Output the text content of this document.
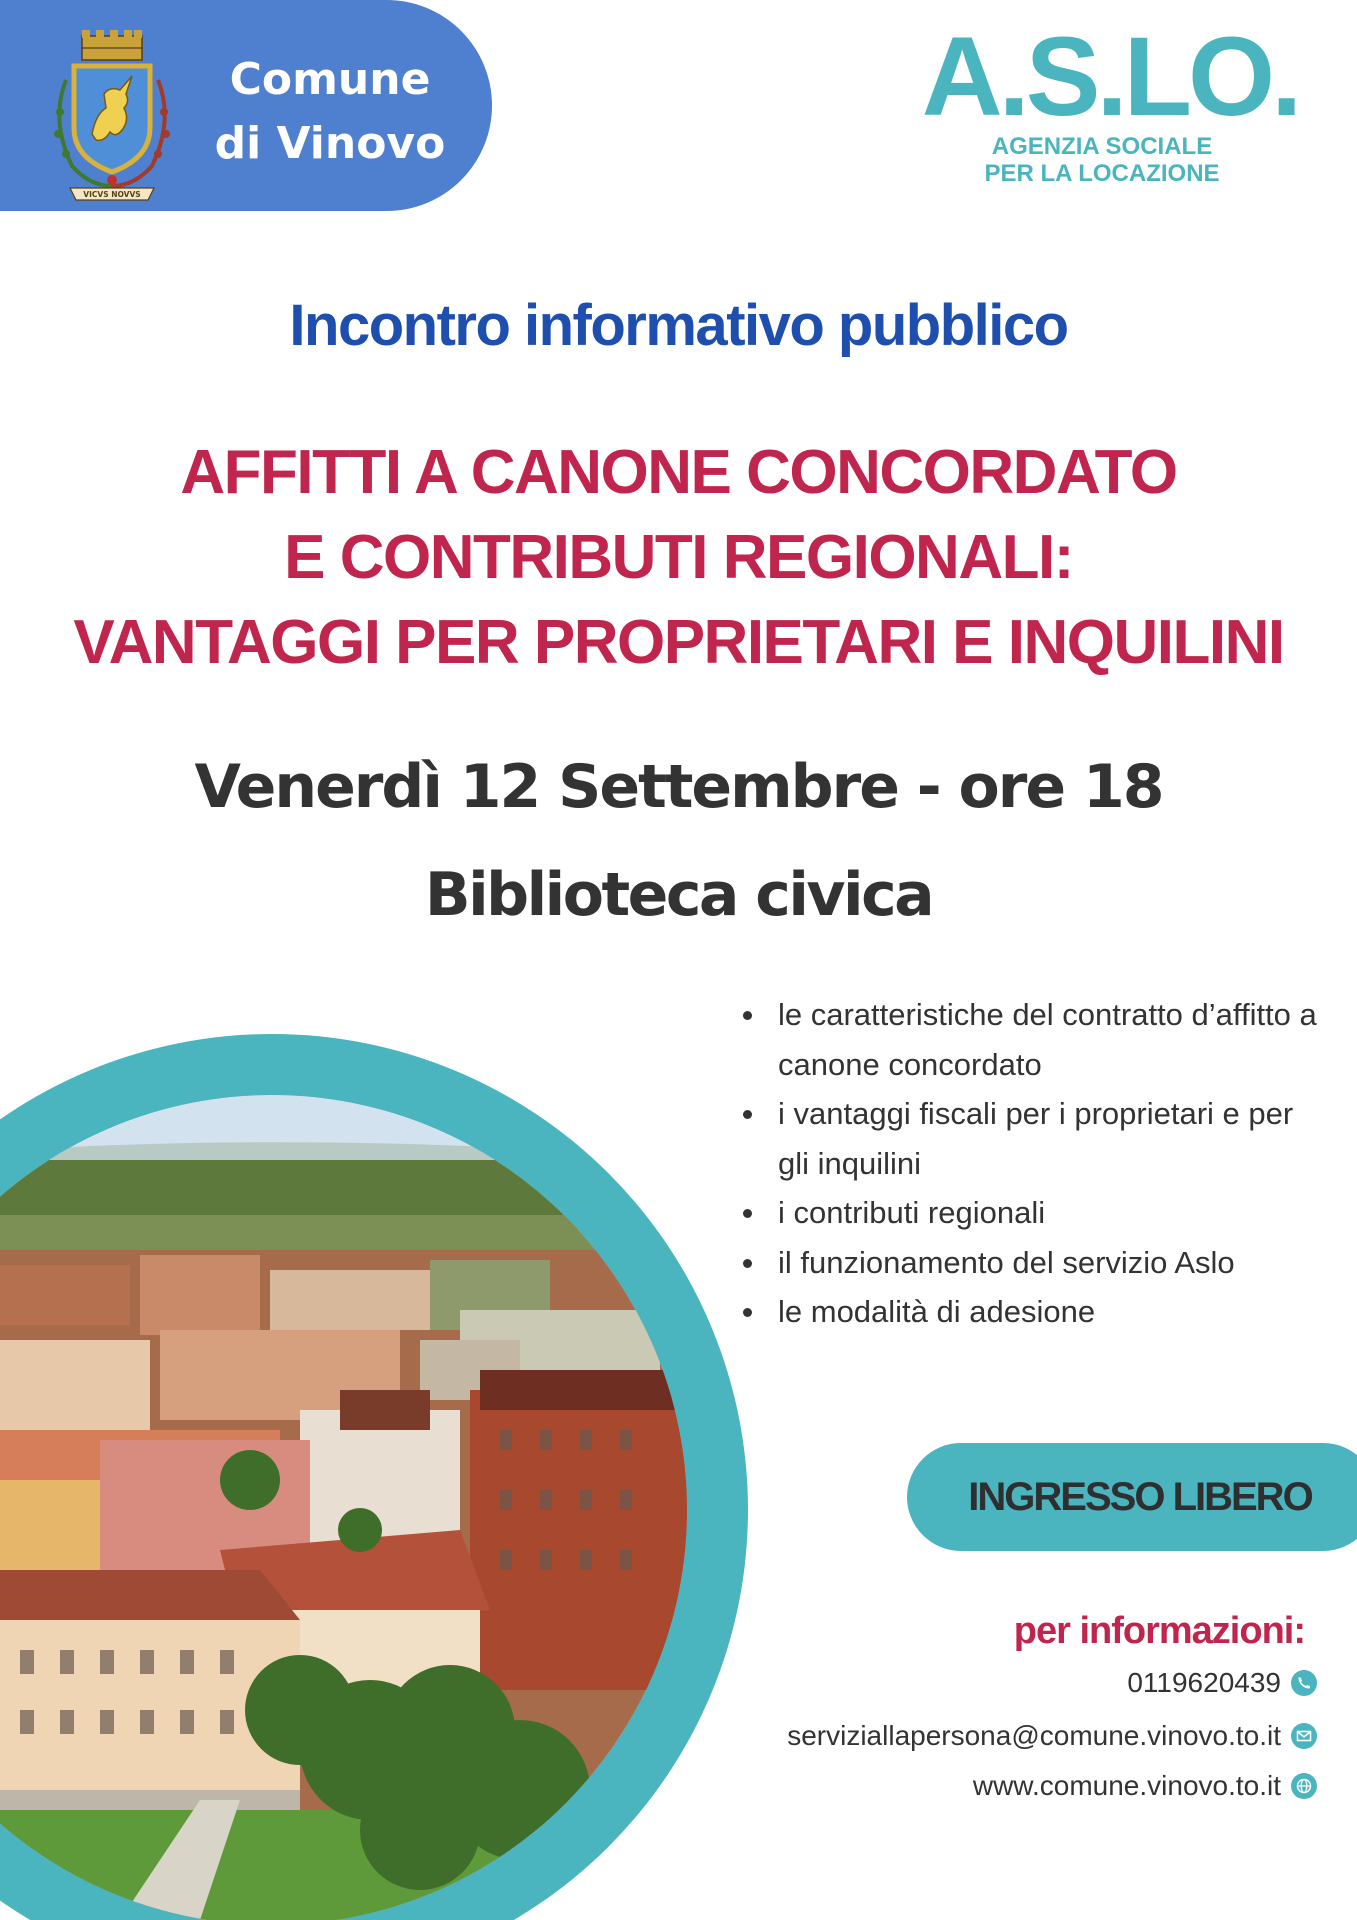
VICVS NOVVS
Comune
di Vinovo
A.S.LO.
AGENZIA SOCIALE
PER LA LOCAZIONE
Incontro informativo pubblico
AFFITTI A CANONE CONCORDATO
E CONTRIBUTI REGIONALI:
VANTAGGI PER PROPRIETARI E INQUILINI
Venerdì 12 Settembre - ore 18
Biblioteca civica
le caratteristiche del contratto d’affitto a canone concordato
i vantaggi fiscali per i proprietari e per gli inquilini
i contributi regionali
il funzionamento del servizio Aslo
le modalità di adesione
INGRESSO LIBERO
per informazioni:
0119620439
serviziallapersona@comune.vinovo.to.it
www.comune.vinovo.to.it
